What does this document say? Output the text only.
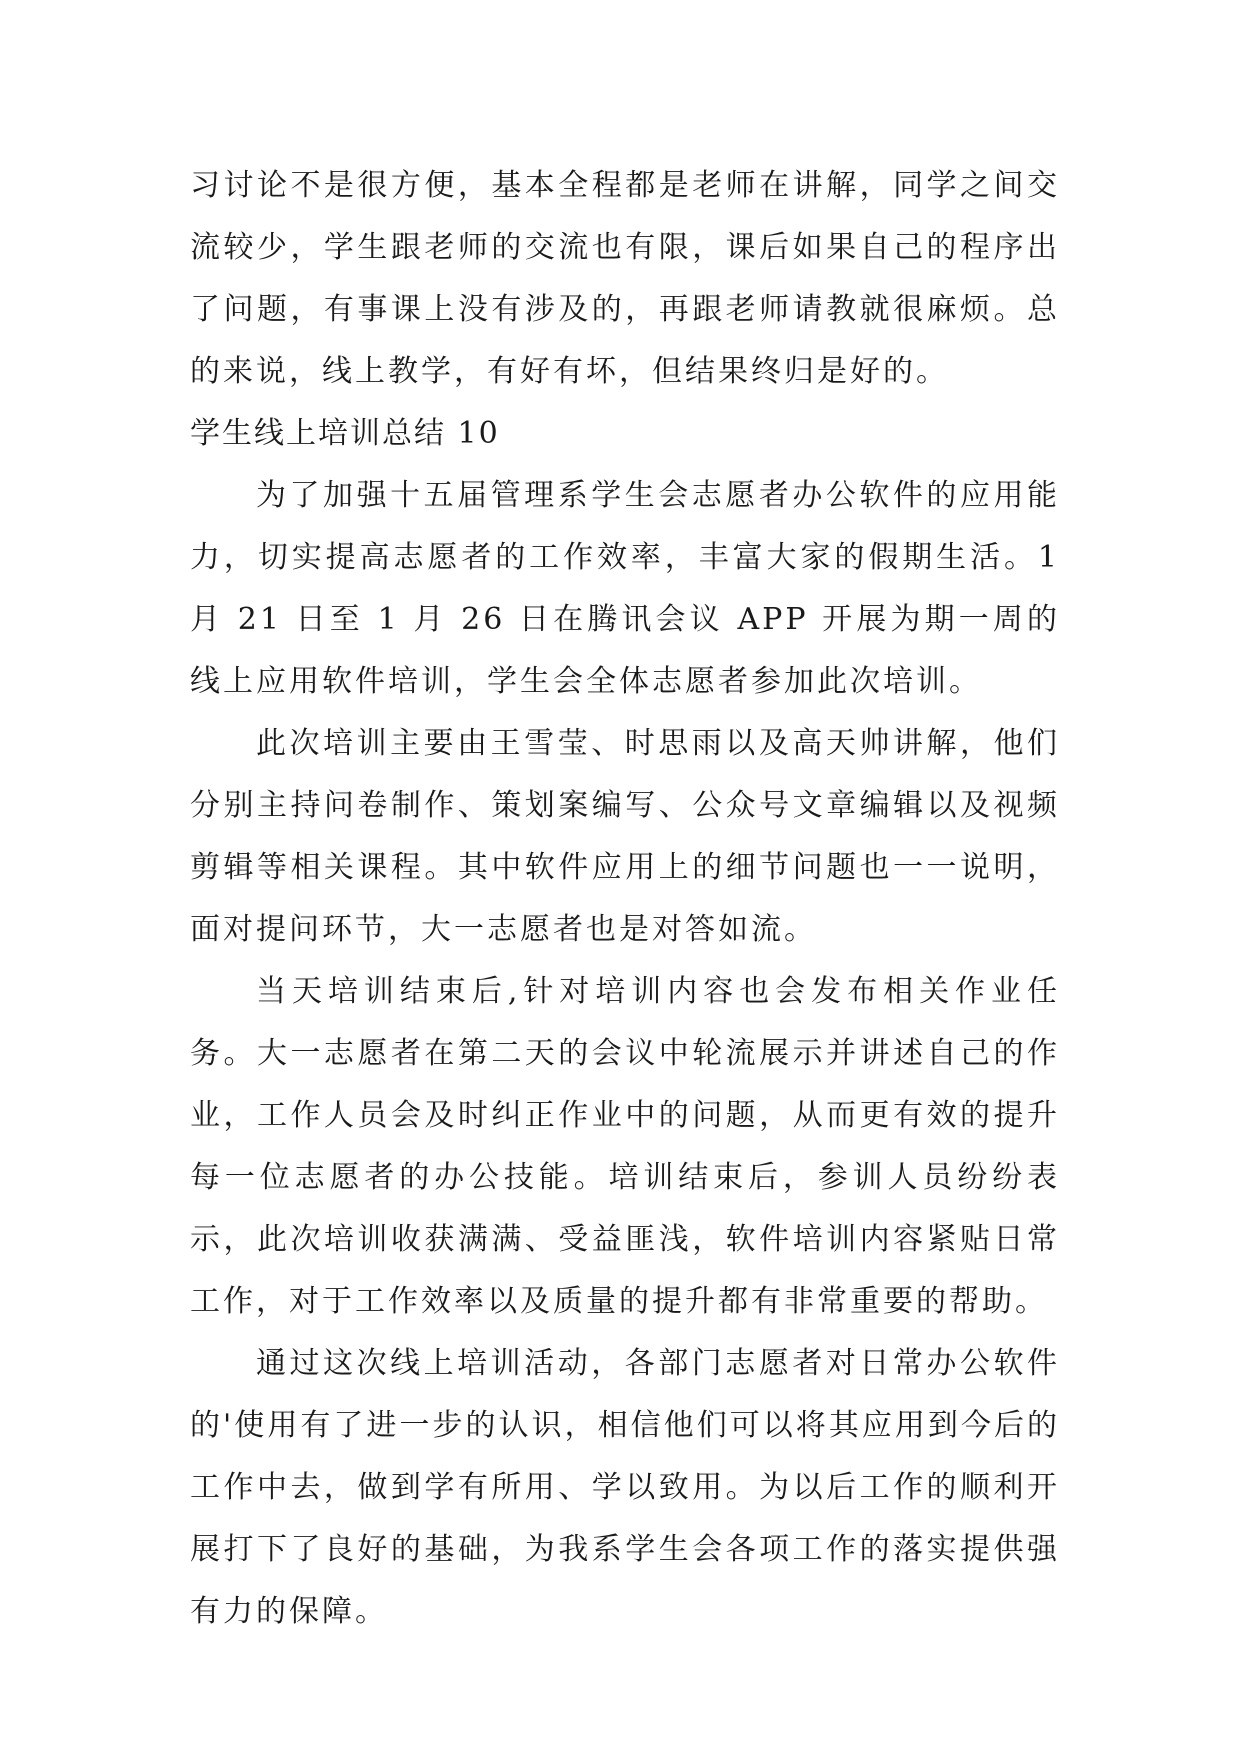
习讨论不是很方便，基本全程都是老师在讲解，同学之间交流较少，学生跟老师的交流也有限，课后如果自己的程序出了问题，有事课上没有涉及的，再跟老师请教就很麻烦。总的来说，线上教学，有好有坏，但结果终归是好的。

学生线上培训总结 10

为了加强十五届管理系学生会志愿者办公软件的应用能力，切实提高志愿者的工作效率，丰富大家的假期生活。1 月 21 日至 1 月 26 日在腾讯会议 APP 开展为期一周的线上应用软件培训，学生会全体志愿者参加此次培训。

此次培训主要由王雪莹、时思雨以及高天帅讲解，他们分别主持问卷制作、策划案编写、公众号文章编辑以及视频剪辑等相关课程。其中软件应用上的细节问题也一一说明，面对提问环节，大一志愿者也是对答如流。

当天培训结束后,针对培训内容也会发布相关作业任务。大一志愿者在第二天的会议中轮流展示并讲述自己的作业，工作人员会及时纠正作业中的问题，从而更有效的提升每一位志愿者的办公技能。培训结束后，参训人员纷纷表示，此次培训收获满满、受益匪浅，软件培训内容紧贴日常工作，对于工作效率以及质量的提升都有非常重要的帮助。

通过这次线上培训活动，各部门志愿者对日常办公软件的'使用有了进一步的认识，相信他们可以将其应用到今后的工作中去，做到学有所用、学以致用。为以后工作的顺利开展打下了良好的基础，为我系学生会各项工作的落实提供强有力的保障。
